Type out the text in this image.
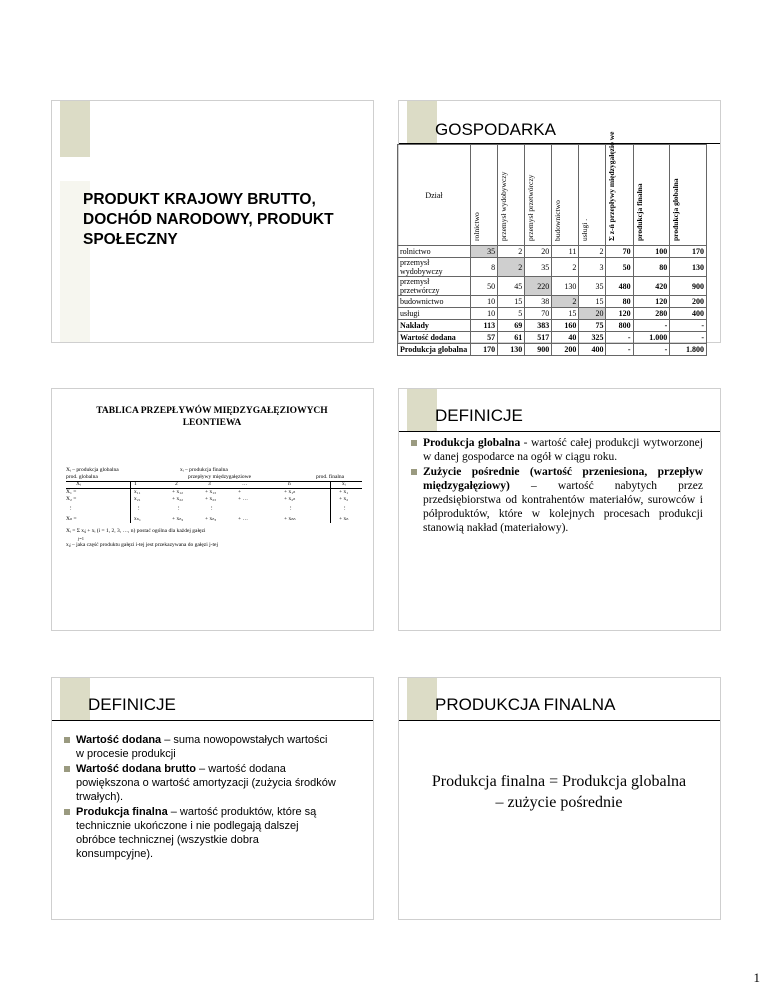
PRODUKT KRAJOWY BRUTTO, DOCHÓD NARODOWY, PRODUKT SPOŁECZNY
GOSPODARKA
Dział	rolnictwo	przemysł wydobywczy	przemysł przetwórczy	budownictwo	usługi .	Σ z-ń przepływy międzygałęzio we	produkcja finalna	produkcja globalna

rolnictwo	35	2	20	11	2	70	100	170
przemysł wydobywczy	8	2	35	2	3	50	80	130
przemysł przetwórczy	50	45	220	130	35	480	420	900
budownictwo	10	15	38	2	15	80	120	200
usługi	10	5	70	15	20	120	280	400
Nakłady	113	69	383	160	75	800	-	-
Wartość dodana	57	61	517	40	325	-	1.000	-
Produkcja globalna	170	130	900	200	400	-	-	1.800
TABLICA PRZEPŁYWÓW MIĘDZYGAŁĘZIOWYCH LEONTIEWA
Xᵢ – produkcja globalna	xᵢ – produkcja finalna
prod. globalna	przepływy międzygałęziowe	prod. finalna
Xᵢ	1	2	3	…	n	xᵢ
X₁ =	x₁₁	+ x₁₂	+ x₁₃	+	+ x₁ₙ	+ x₁
X₂ =	x₂₁	+ x₂₂	+ x₂₃	+ …	+ x₂ₙ	+ x₂
⋮	⋮	⋮	⋮	⋮	⋮
Xₙ =	xₙ₁	+ xₙ₂	+ xₙ₃	+ …	+ xₙₙ	+ xₙ
Xᵢ = Σ xᵢⱼ + xᵢ (i = 1, 2, 3, …, n) postać ogólna dla każdej gałęzi
j=1
xᵢⱼ – jaka część produktu gałęzi i-tej jest przekazywana do gałęzi j-tej
DEFINICJE
Produkcja globalna - wartość całej produkcji wytworzonej w danej gospodarce na ogół w ciągu roku.
Zużycie pośrednie (wartość przeniesiona, przepływ międzygałęziowy) – wartość nabytych przez przedsiębiorstwa od kontrahentów materiałów, surowców i półproduktów, które w kolejnych procesach produkcji stanowią nakład (materiałowy).
DEFINICJE
Wartość dodana – suma nowopowstałych wartości w procesie produkcji
Wartość dodana brutto – wartość dodana powiększona o wartość amortyzacji (zużycia środków trwałych).
Produkcja finalna – wartość produktów, które są technicznie ukończone i nie podlegają dalszej obróbce technicznej (wszystkie dobra konsumpcyjne).
PRODUKCJA FINALNA
Produkcja finalna = Produkcja globalna – zużycie pośrednie
1
